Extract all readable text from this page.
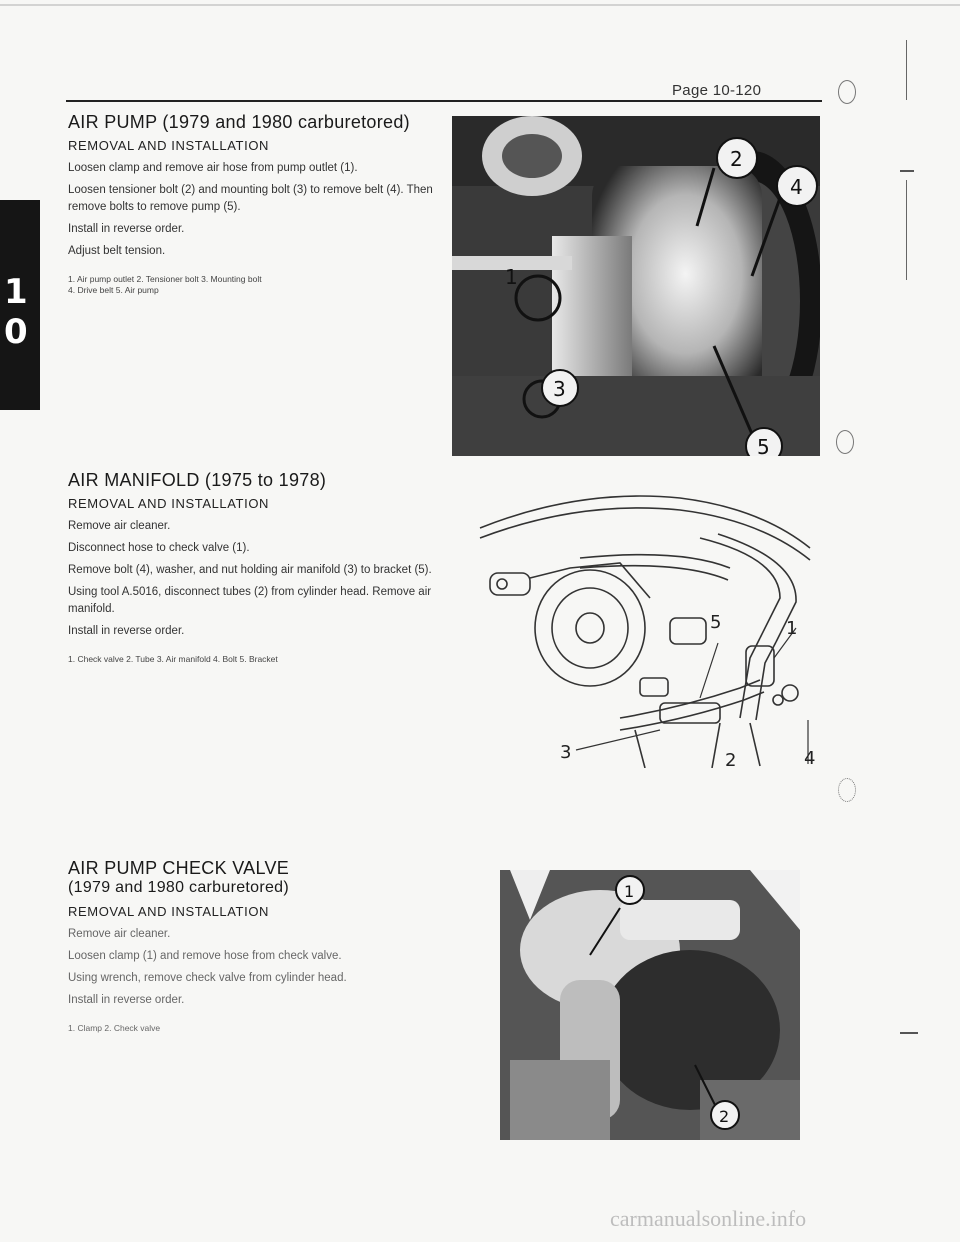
Page 10-120
1
0
AIR PUMP (1979 and 1980 carburetored)
REMOVAL AND INSTALLATION

Loosen clamp and remove air hose from pump outlet (1).

Loosen tensioner bolt (2) and mounting bolt (3) to remove belt (4). Then remove bolts to remove pump (5).

Install in reverse order.

Adjust belt tension.

1. Air pump outlet 2. Tensioner bolt 3. Mounting bolt
4. Drive belt 5. Air pump
1
2
3
4
5
AIR MANIFOLD (1975 to 1978)
REMOVAL AND INSTALLATION

Remove air cleaner.

Disconnect hose to check valve (1).

Remove bolt (4), washer, and nut holding air manifold (3) to bracket (5).

Using tool A.5016, disconnect tubes (2) from cylinder head. Remove air manifold.

Install in reverse order.

1. Check valve 2. Tube 3. Air manifold 4. Bolt 5. Bracket
1
2
3	4
5
AIR PUMP CHECK VALVE
(1979 and 1980 carburetored)
REMOVAL AND INSTALLATION

Remove air cleaner.

Loosen clamp (1) and remove hose from check valve.

Using wrench, remove check valve from cylinder head.

Install in reverse order.

1. Clamp 2. Check valve
1
2
carmanualsonline.info
